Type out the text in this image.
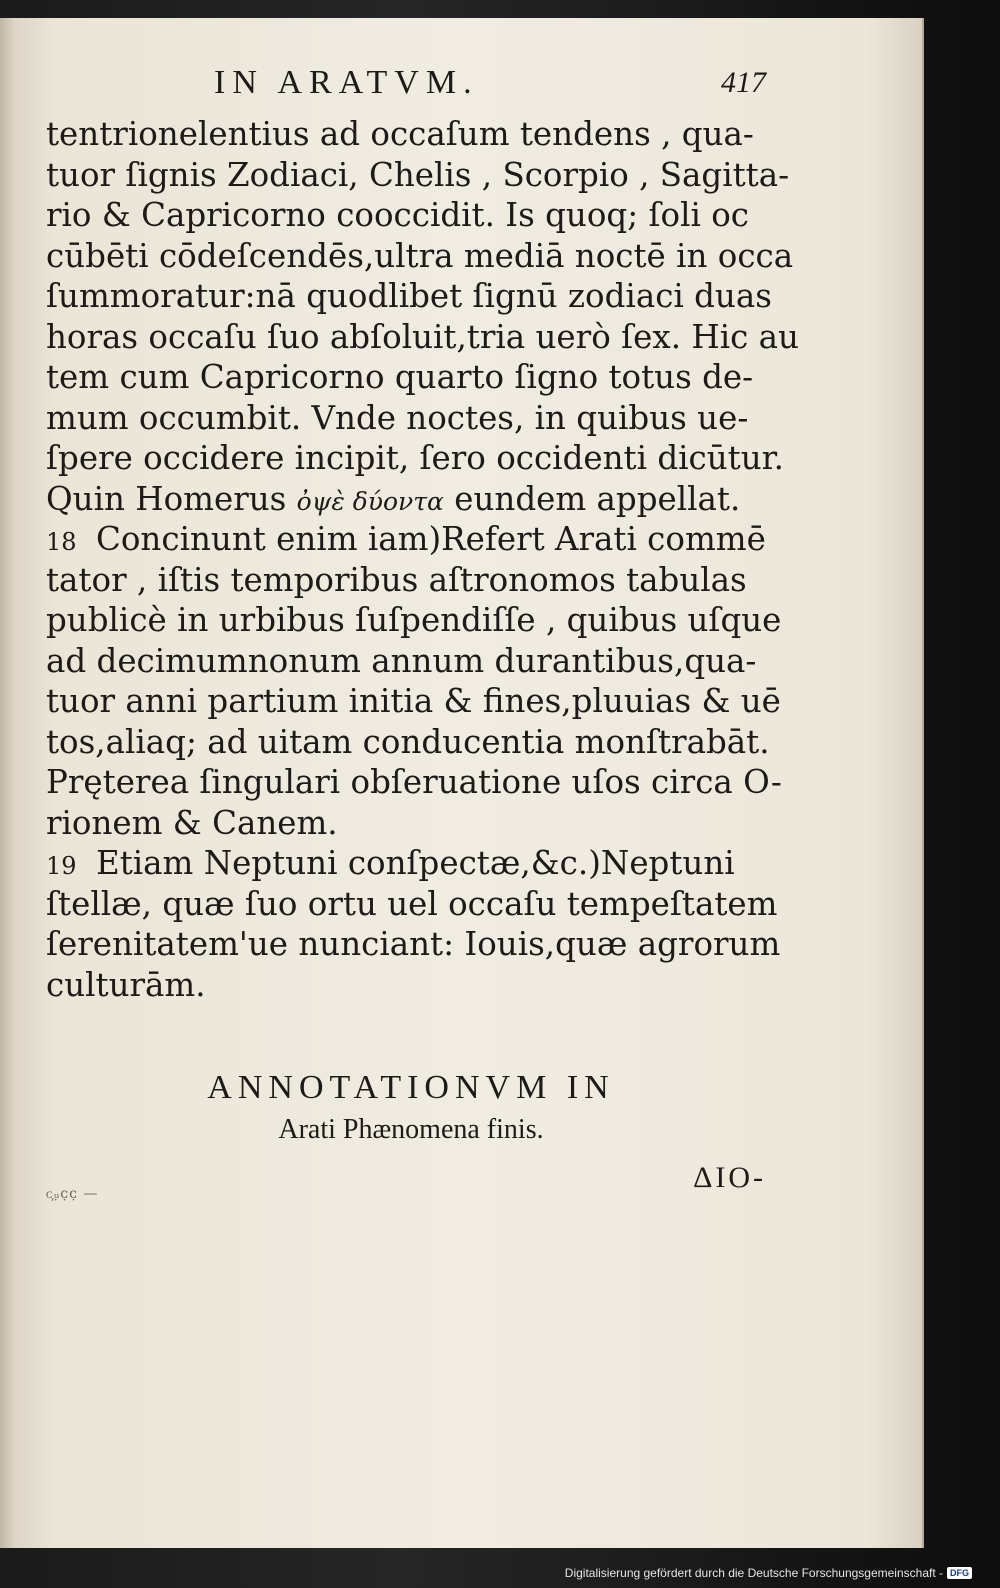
IN ARATVM.	417
tentrionelentius ad occaſum tendens , qua-
tuor ſignis Zodiaci, Chelis , Scorpio , Sagitta-
rio & Capricorno cooccidit. Is quoq; ſoli oc
cūbēti cōdeſcendēs,ultra mediā noctē in occa
ſummoratur:nā quodlibet ſignū zodiaci duas
horas occaſu ſuo abſoluit,tria uerò ſex. Hic au
tem cum Capricorno quarto ſigno totus de-
mum occumbit. Vnde noctes, in quibus ue-
ſpere occidere incipit, ſero occidenti dicūtur.
Quin Homerus ὀψὲ δύοντα eundem appellat.
18 Concinunt enim iam)Refert Arati commē
tator , iſtis temporibus aſtronomos tabulas
publicè in urbibus ſuſpendiſſe , quibus uſque
ad decimumnonum annum durantibus,qua-
tuor anni partium initia & fines,pluuias & uē
tos,aliaq; ad uitam conducentia monſtrabāt.
Pręterea ſingulari obſeruatione uſos circa O-
rionem & Canem.
19 Etiam Neptuni conſpectæ,&c.)Neptuni
ſtellæ, quæ ſuo ortu uel occaſu tempeſtatem
ſerenitatem'ue nunciant: Iouis,quæ agrorum
culturām.
ANNOTATIONVM IN
Arati Phænomena finis.
ΔΙΟ-
ᴄ᷊ᵤ̣ᴄ̣ᴄ̣ —
Digitalisierung gefördert durch die Deutsche Forschungsgemeinschaft - DFG
